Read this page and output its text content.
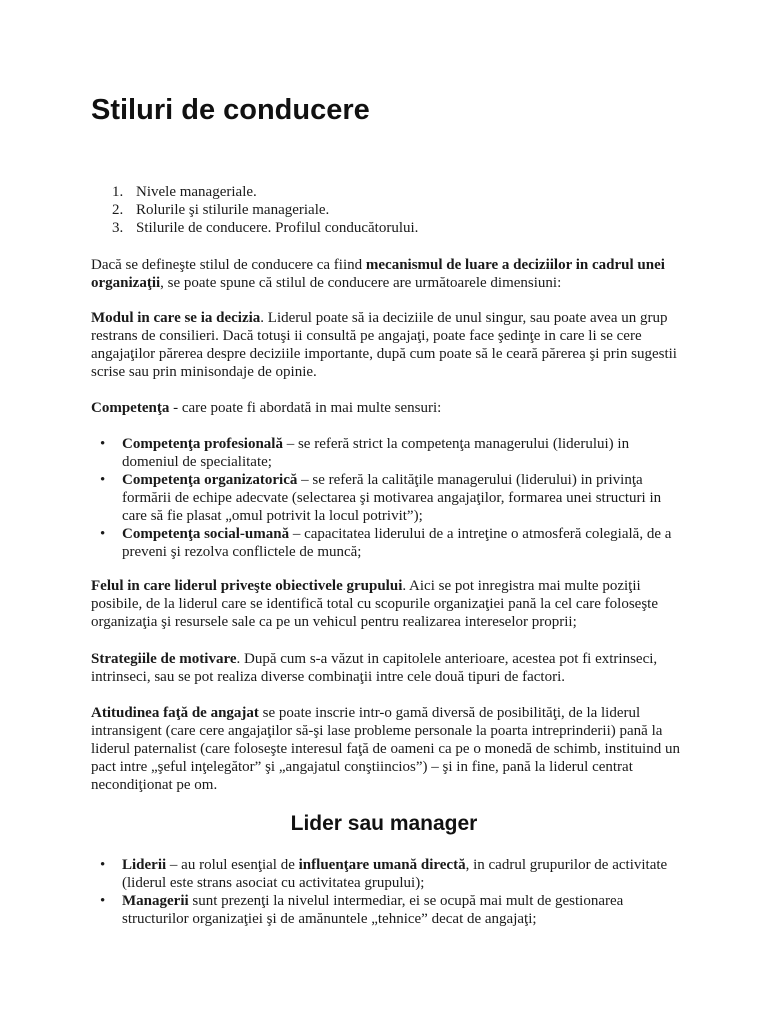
Stiluri de conducere
1. Nivele manageriale.
2. Rolurile şi stilurile manageriale.
3. Stilurile de conducere. Profilul conducătorului.

Dacă se defineşte stilul de conducere ca fiind mecanismul de luare a deciziilor in cadrul unei organizaţii, se poate spune că stilul de conducere are următoarele dimensiuni:

Modul in care se ia decizia. Liderul poate să ia deciziile de unul singur, sau poate avea un grup restrans de consilieri. Dacă totuşi ii consultă pe angajaţi, poate face şedinţe in care li se cere angajaţilor părerea despre deciziile importante, după cum poate să le ceară părerea şi prin sugestii scrise sau prin minisondaje de opinie.

Competenţa - care poate fi abordată in mai multe sensuri:

• Competenţa profesională – se referă strict la competenţa managerului (liderului) in domeniul de specialitate;
• Competenţa organizatorică – se referă la calităţile managerului (liderului) in privinţa formării de echipe adecvate (selectarea şi motivarea angajaţilor, formarea unei structuri in care să fie plasat „omul potrivit la locul potrivit”);
• Competenţa social-umană – capacitatea liderului de a intreţine o atmosferă colegială, de a preveni şi rezolva conflictele de muncă;

Felul in care liderul priveşte obiectivele grupului. Aici se pot inregistra mai multe poziţii posibile, de la liderul care se identifică total cu scopurile organizaţiei pană la cel care foloseşte organizaţia şi resursele sale ca pe un vehicul pentru realizarea intereselor proprii;

Strategiile de motivare. După cum s-a văzut in capitolele anterioare, acestea pot fi extrinseci, intrinseci, sau se pot realiza diverse combinaţii intre cele două tipuri de factori.

Atitudinea faţă de angajat se poate inscrie intr-o gamă diversă de posibilităţi, de la liderul intransigent (care cere angajaţilor să-şi lase probleme personale la poarta intreprinderii) pană la liderul paternalist (care foloseşte interesul faţă de oameni ca pe o monedă de schimb, instituind un pact intre „şeful inţelegător” şi „angajatul conştiincios”) – şi in fine, pană la liderul centrat necondiţionat pe om.

Lider sau manager
• Liderii – au rolul esenţial de influenţare umană directă, in cadrul grupurilor de activitate (liderul este strans asociat cu activitatea grupului);
• Managerii sunt prezenţi la nivelul intermediar, ei se ocupă mai mult de gestionarea structurilor organizaţiei şi de amănuntele „tehnice” decat de angajaţi;
